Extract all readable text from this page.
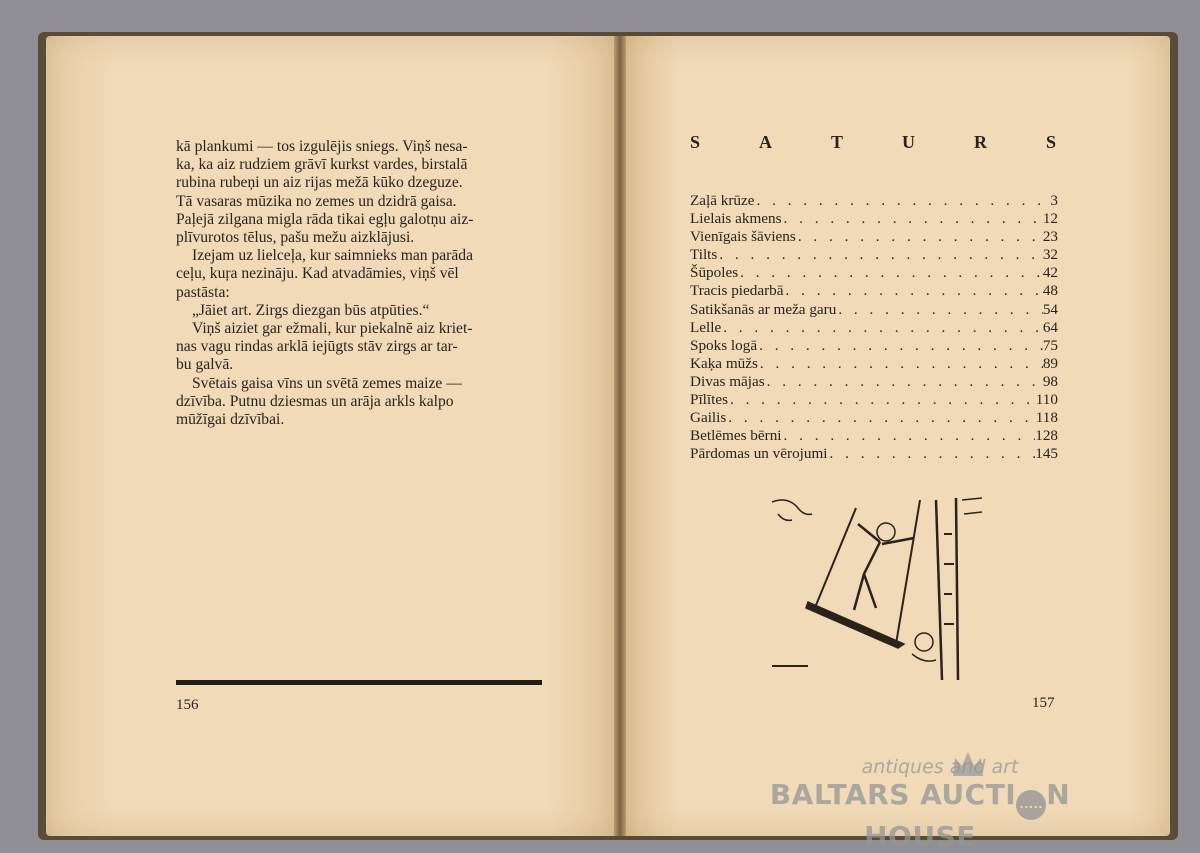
kā plankumi — tos izgulējis sniegs. Viņš nesa-
ka, ka aiz rudziem grāvī kurkst vardes, birstalā
rubina rubeņi un aiz rijas mežā kūko dzeguze.
Tā vasaras mūzika no zemes un dzidrā gaisa.
Paļejā zilgana migla rāda tikai egļu galotņu aiz-
plīvurotos tēlus, pašu mežu aizklājusi.
Izejam uz lielceļa, kur saimnieks man parāda
ceļu, kuŗa nezināju. Kad atvadāmies, viņš vēl
pastāsta:
„Jāiet art. Zirgs diezgan būs atpūties.“
Viņš aiziet gar ežmali, kur piekalnē aiz kriet-
nas vagu rindas arklā iejūgts stāv zirgs ar tar-
bu galvā.
Svētais gaisa vīns un svētā zemes maize —
dzīvība. Putnu dziesmas un arāja arkls kalpo
mūžīgai dzīvībai.
156
S	A	T	U	R	S
Zaļā krūze . . .	3
Lielais akmens . . .	12
Vienīgais šāviens . . .	23
Tilts . . .	32
Šūpoles . . .	42
Tracis piedarbā . . .	48
Satikšanās ar meža garu . . .	54
Lelle . . .	64
Spoks logā . . .	75
Kaķa mūžs . . .	89
Divas mājas . . .	98
Pīlītes . . .	110
Gailis . . .	118
Betlēmes bērni . . .	128
Pārdomas un vērojumi . . .	145
157
antiques and art
BALTARS AUCTI ..... N HOUSE
